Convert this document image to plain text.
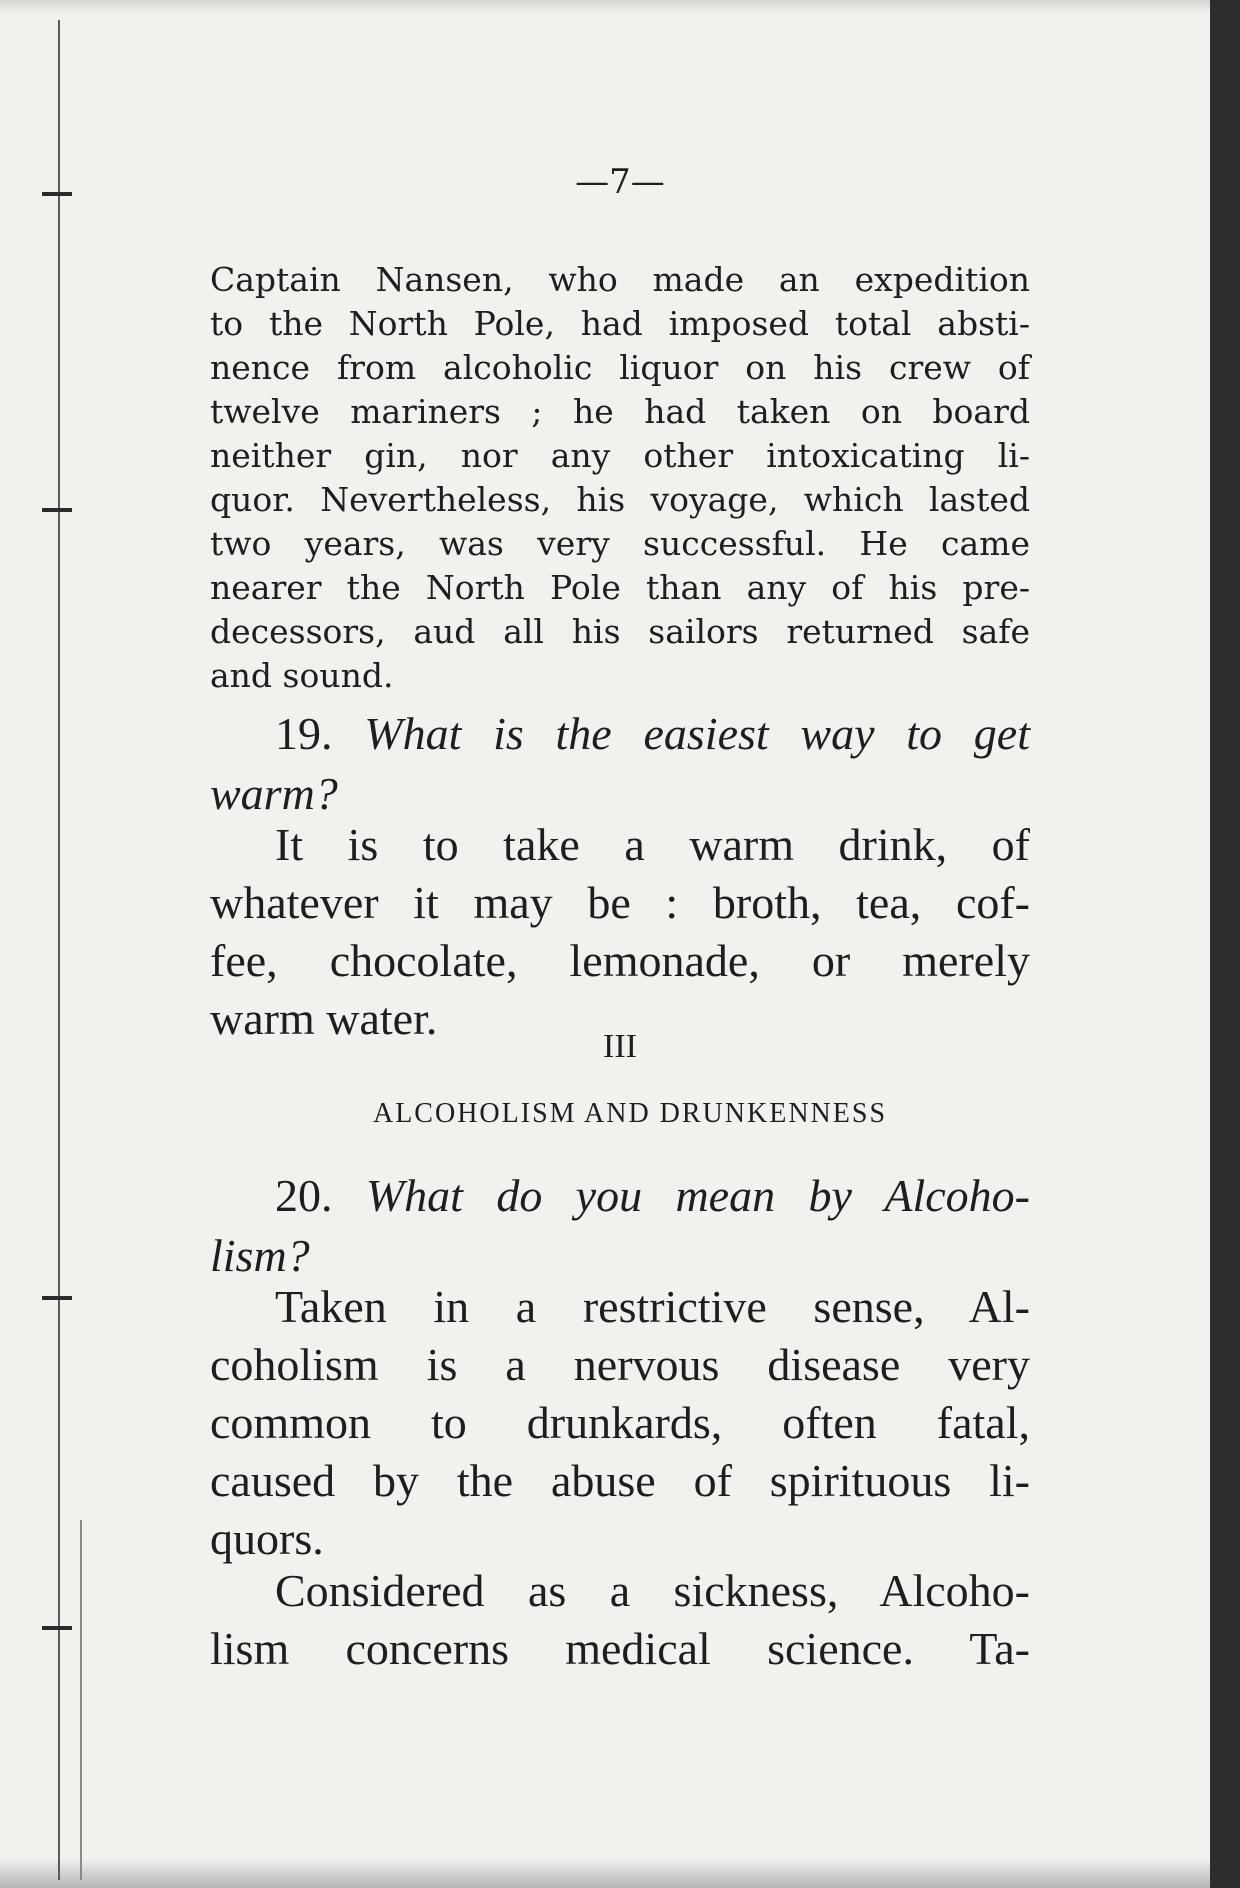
—7—
Captain Nansen, who made an expedition
to the North Pole, had imposed total absti-
nence from alcoholic liquor on his crew of
twelve mariners ; he had taken on board
neither gin, nor any other intoxicating li-
quor. Nevertheless, his voyage, which lasted
two years, was very successful. He came
nearer the North Pole than any of his pre-
decessors, aud all his sailors returned safe
and sound.
19. What is the easiest way to get
warm?
It is to take a warm drink, of
whatever it may be : broth, tea, cof-
fee, chocolate, lemonade, or merely
warm water.
III
ALCOHOLISM AND DRUNKENNESS
20. What do you mean by Alcoho-
lism?
Taken in a restrictive sense, Al-
coholism is a nervous disease very
common to drunkards, often fatal,
caused by the abuse of spirituous li-
quors.
Considered as a sickness, Alcoho-
lism concerns medical science. Ta-
